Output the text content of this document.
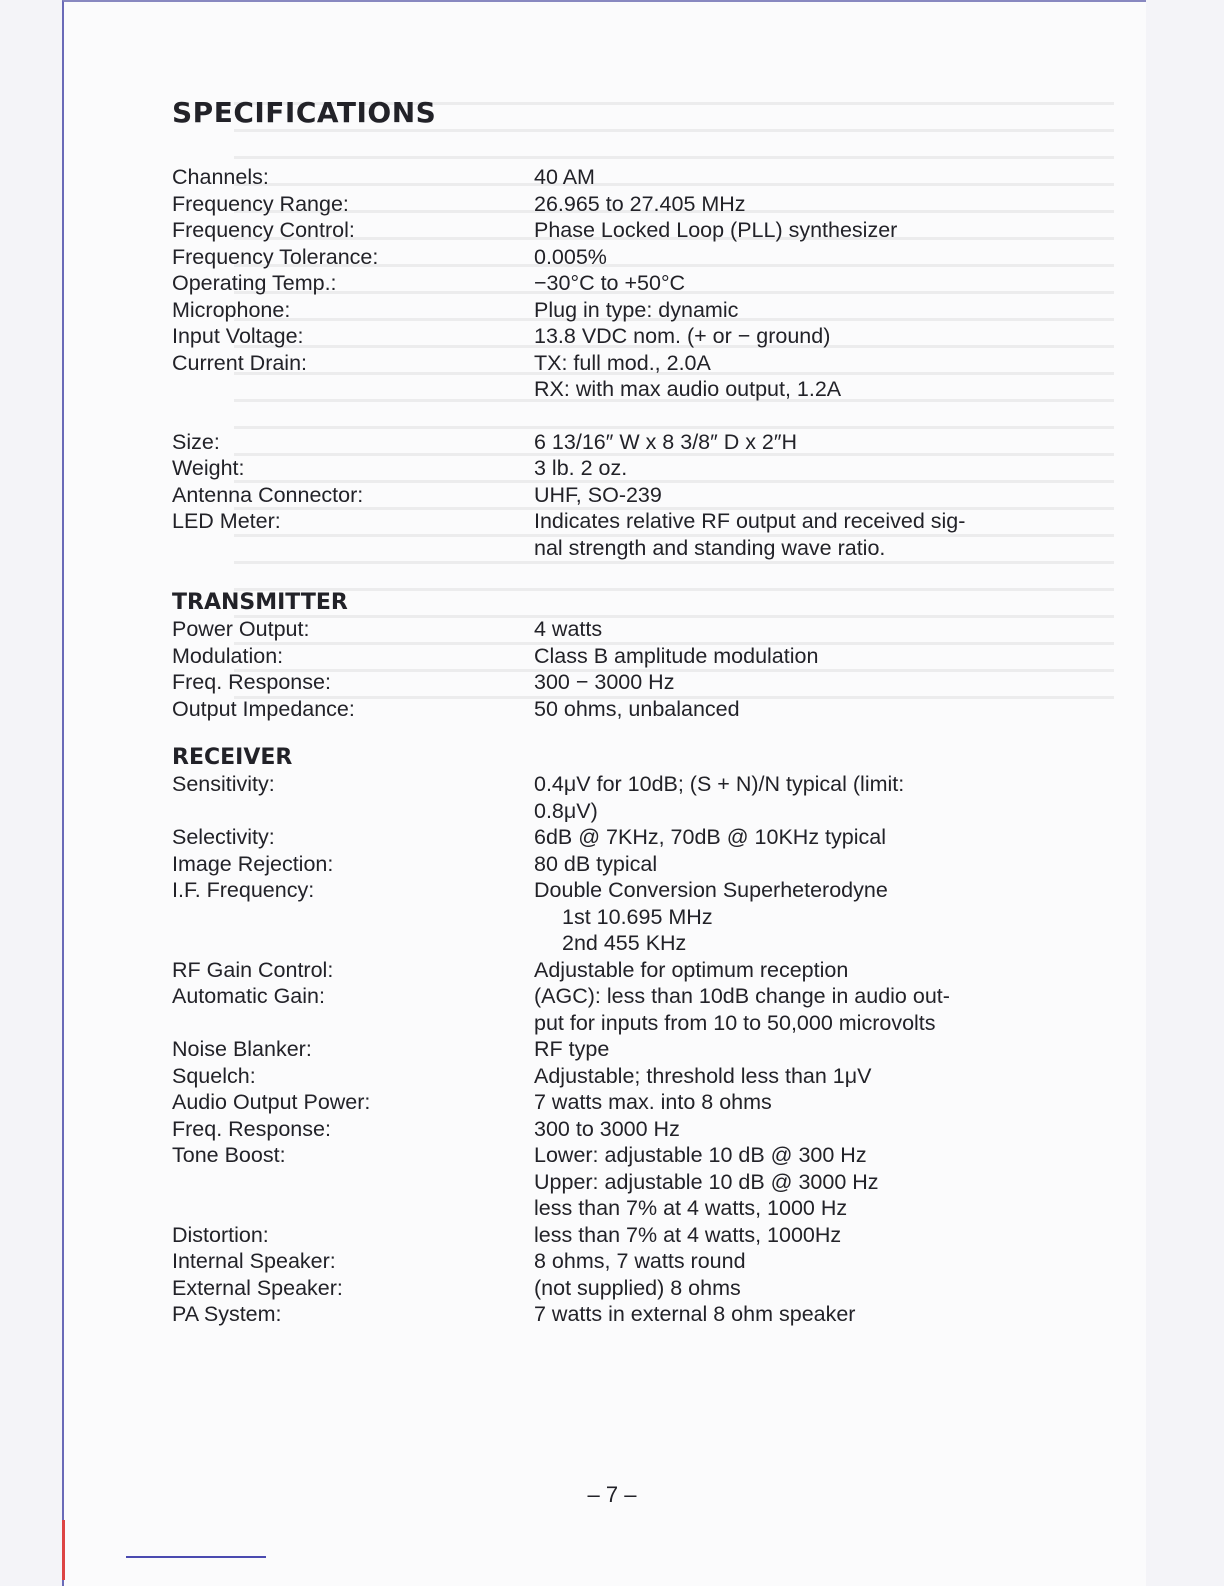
SPECIFICATIONS
Channels:	40 AM

Frequency Range:	26.965 to 27.405 MHz

Frequency Control:	Phase Locked Loop (PLL) synthesizer

Frequency Tolerance:	0.005%

Operating Temp.:	−30°C to +50°C

Microphone:	Plug in type: dynamic

Input Voltage:	13.8 VDC nom. (+ or − ground)

Current Drain:	TX: full mod., 2.0A
RX: with max audio output, 1.2A

Size:	6 13/16″ W x 8 3/8″ D x 2″H

Weight:	3 lb. 2 oz.

Antenna Connector:	UHF, SO-239

LED Meter:	Indicates relative RF output and received sig-
nal strength and standing wave ratio.
TRANSMITTER
Power Output:	4 watts

Modulation:	Class B amplitude modulation

Freq. Response:	300 − 3000 Hz

Output Impedance:	50 ohms, unbalanced
RECEIVER
Sensitivity:	0.4μV for 10dB; (S + N)/N typical (limit:
0.8μV)

Selectivity:	6dB @ 7KHz, 70dB @ 10KHz typical

Image Rejection:	80 dB typical

I.F. Frequency:	Double Conversion Superheterodyne
1st 10.695 MHz
2nd 455 KHz

RF Gain Control:	Adjustable for optimum reception

Automatic Gain:	(AGC): less than 10dB change in audio out-
put for inputs from 10 to 50,000 microvolts

Noise Blanker:	RF type

Squelch:	Adjustable; threshold less than 1μV

Audio Output Power:	7 watts max. into 8 ohms

Freq. Response:	300 to 3000 Hz

Tone Boost:	Lower: adjustable 10 dB @ 300 Hz
Upper: adjustable 10 dB @ 3000 Hz
less than 7% at 4 watts, 1000 Hz

Distortion:	less than 7% at 4 watts, 1000Hz

Internal Speaker:	8 ohms, 7 watts round

External Speaker:	(not supplied) 8 ohms

PA System:	7 watts in external 8 ohm speaker
– 7 –
